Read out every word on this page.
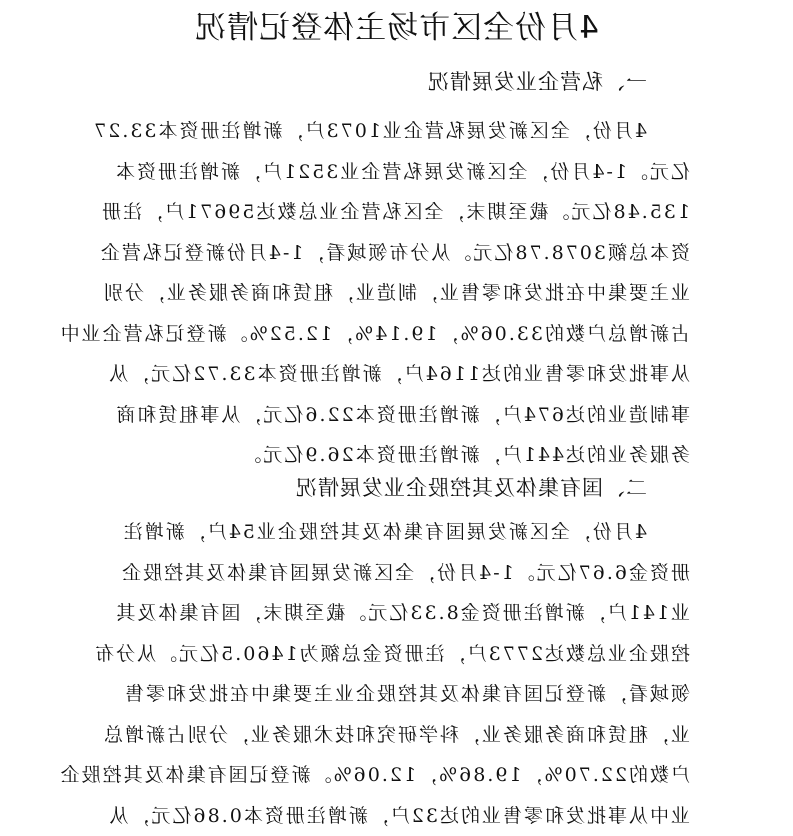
4月份全区市场主体登记情况
一、私营企业发展情况
4月份，全区新发展私营企业1073户，新增注册资本33.27
亿元。1-4月份，全区新发展私营企业3521户，新增注册资本
135.48亿元。截至期末，全区私营企业总数达59671户，注册
资本总额3078.78亿元。从分布领域看，1-4月份新登记私营企
业主要集中在批发和零售业，制造业，租赁和商务服务业，分别
占新增总户数的33.06%，19.14%，12.52%。新登记私营企业中
从事批发和零售业的达1164户，新增注册资本33.72亿元，从
事制造业的达674户，新增注册资本22.6亿元，从事租赁和商
务服务业的达441户，新增注册资本26.9亿元。
二、国有集体及其控股企业发展情况
4月份，全区新发展国有集体及其控股企业54户，新增注
册资金6.67亿元。1-4月份，全区新发展国有集体及其控股企
业141户，新增注册资金8.33亿元。截至期末，国有集体及其
控股企业总数达2773户，注册资金总额为1460.5亿元。从分布
领域看，新登记国有集体及其控股企业主要集中在批发和零售
业，租赁和商务服务业，科学研究和技术服务业，分别占新增总
户数的22.70%，19.86%，12.06%。新登记国有集体及其控股企
业中从事批发和零售业的达32户，新增注册资本0.86亿元，从
